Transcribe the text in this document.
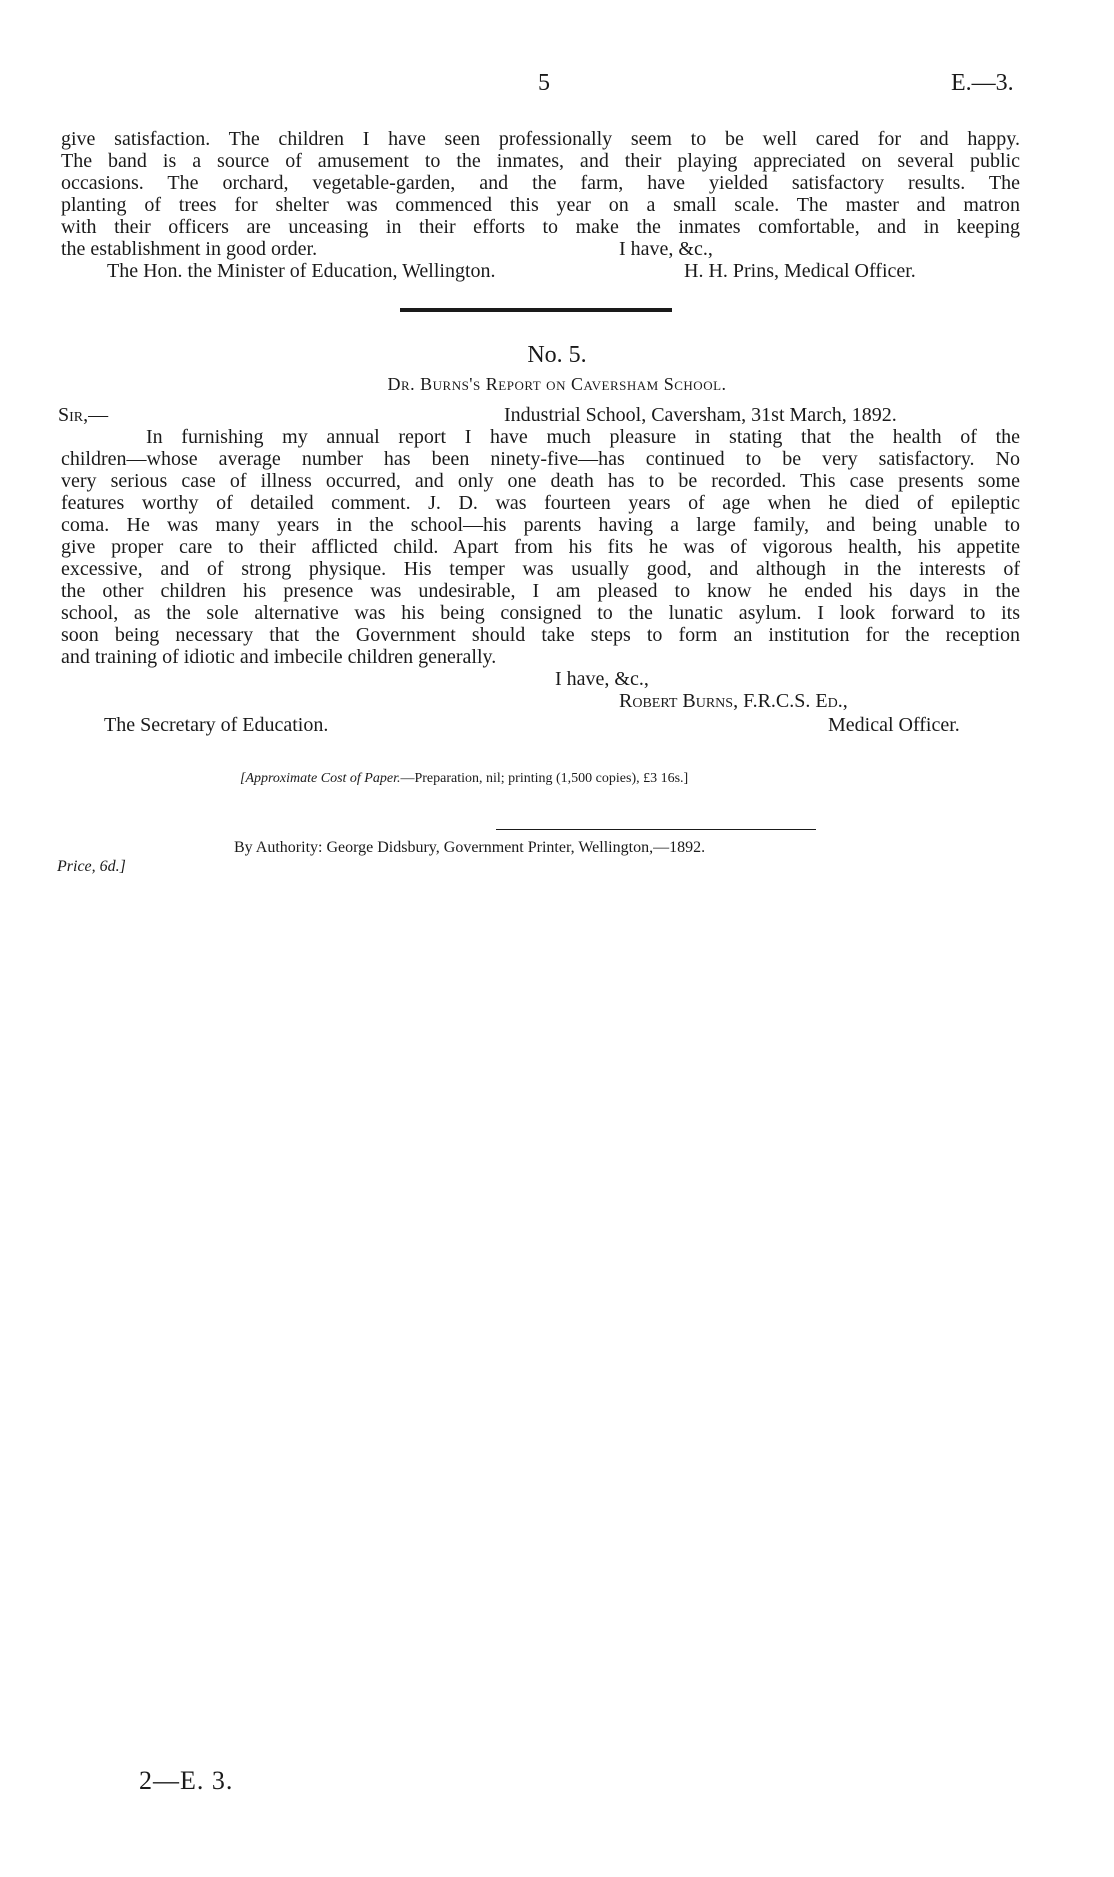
5	E.—3.
give satisfaction. The children I have seen professionally seem to be well cared for and happy.
The band is a source of amusement to the inmates, and their playing appreciated on several public
occasions. The orchard, vegetable-garden, and the farm, have yielded satisfactory results. The
planting of trees for shelter was commenced this year on a small scale. The master and matron
with their officers are unceasing in their efforts to make the inmates comfortable, and in keeping
the establishment in good order.	I have, &c.,
The Hon. the Minister of Education, Wellington.	H. H. Prins, Medical Officer.
No. 5.
Dr. Burns's Report on Caversham School.
Sir,—	Industrial School, Caversham, 31st March, 1892.
In furnishing my annual report I have much pleasure in stating that the health of the
children—whose average number has been ninety-five—has continued to be very satisfactory. No
very serious case of illness occurred, and only one death has to be recorded. This case presents some
features worthy of detailed comment. J. D. was fourteen years of age when he died of epileptic
coma. He was many years in the school—his parents having a large family, and being unable to
give proper care to their afflicted child. Apart from his fits he was of vigorous health, his appetite
excessive, and of strong physique. His temper was usually good, and although in the interests of
the other children his presence was undesirable, I am pleased to know he ended his days in the
school, as the sole alternative was his being consigned to the lunatic asylum. I look forward to its
soon being necessary that the Government should take steps to form an institution for the reception
and training of idiotic and imbecile children generally.
I have, &c.,
Robert Burns, F.R.C.S. Ed.,
The Secretary of Education.	Medical Officer.
[Approximate Cost of Paper.—Preparation, nil; printing (1,500 copies), £3 16s.]
By Authority: George Didsbury, Government Printer, Wellington,—1892.
Price, 6d.]
2—E. 3.
